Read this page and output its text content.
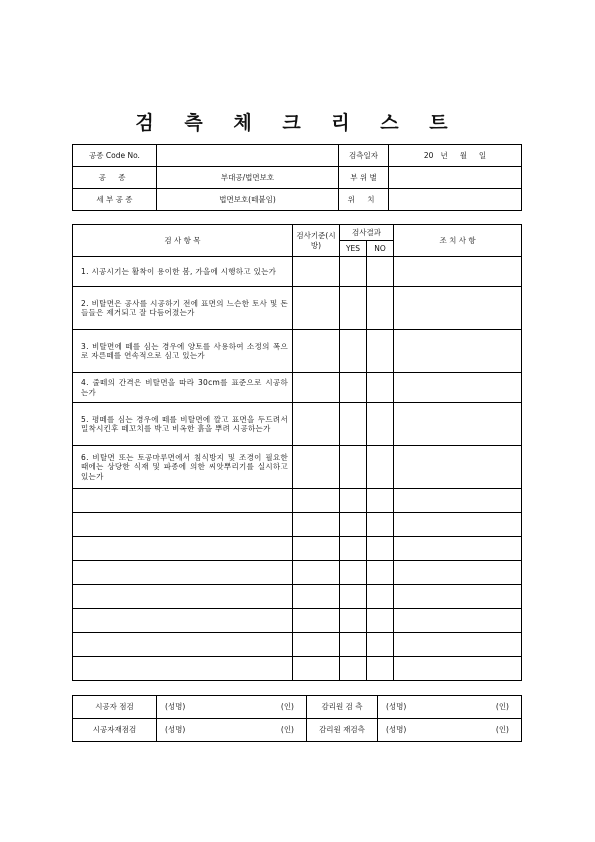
검 측 체 크 리 스 트
공종 Code No.		검측일자	20   년     월     일
공 종	부대공/법면보호	부 위 별	
세 부 공 종	법면보호(떼붙임)	위 치	
검 사 항 목	검사기준(시방)	검사결과		조 치 사 항
		YES	NO	
1. 시공시기는 활착이 용이한 봄, 가을에 시행하고 있는가				
2. 비탈면은 공사를 시공하기 전에 표면의 느슨한 토사 및 돈들들은 제거되고 잘 다듬어졌는가				
3. 비탈면에 떼를 심는 경우에 양토를 사용하여 소정의 폭으로 자른떼를 연속적으로 심고 있는가				
4. 줄떼의 간격은 비탈면을 따라 30cm를 표준으로 시공하는가				
5. 평떼를 심는 경우에 떼를 비탈면에 깔고 표면을 두드려서 밀착시킨후 떼꼬치를 박고 비옥한 흙을 뿌려 시공하는가				
6. 비탈면 또는 토공마루면에서 침식방지 및 조경이 필요한 때에는 상당한 식재 및 파종에 의한 씨앗뿌리기를 실시하고 있는가				

시공자 점검	(성명) (인)	감리원 검 측	(성명) (인)

시공자재점검	(성명) (인)	감리원 재검측	(성명) (인)
